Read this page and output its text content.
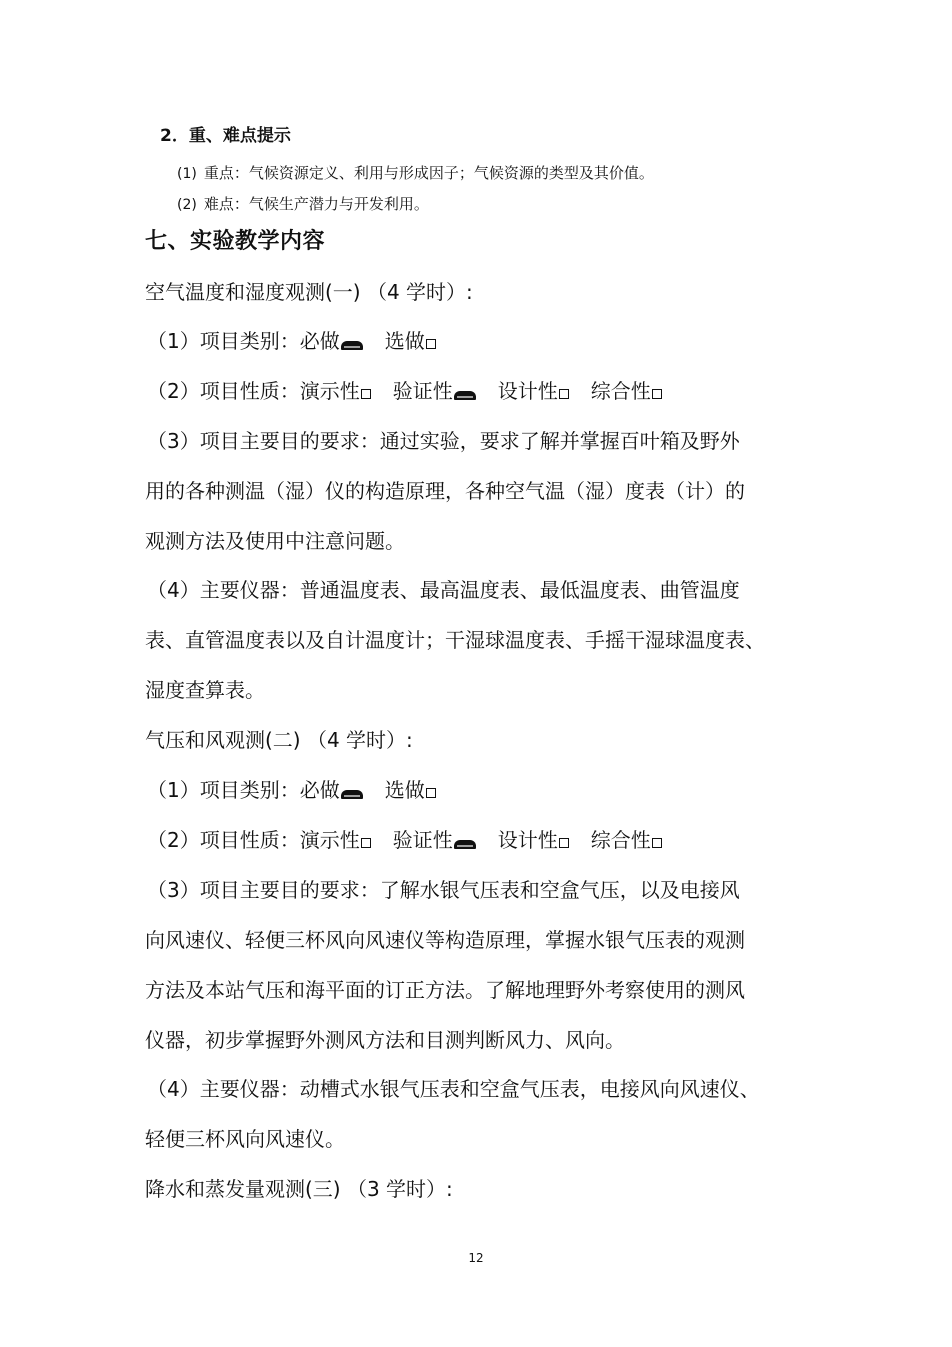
2．重、难点提示
(1) 重点：气候资源定义、利用与形成因子；气候资源的类型及其价值。
(2) 难点：气候生产潜力与开发利用。
七、实验教学内容
空气温度和湿度观测(一) （4 学时）:
（1）项目类别：必做 选做
（2）项目性质：演示性 验证性 设计性 综合性
（3）项目主要目的要求：通过实验，要求了解并掌握百叶箱及野外
用的各种测温（湿）仪的构造原理，各种空气温（湿）度表（计）的
观测方法及使用中注意问题。
（4）主要仪器：普通温度表、最高温度表、最低温度表、曲管温度
表、直管温度表以及自计温度计；干湿球温度表、手摇干湿球温度表、
湿度查算表。
气压和风观测(二) （4 学时）:
（1）项目类别：必做 选做
（2）项目性质：演示性 验证性 设计性 综合性
（3）项目主要目的要求：了解水银气压表和空盒气压，以及电接风
向风速仪、轻便三杯风向风速仪等构造原理，掌握水银气压表的观测
方法及本站气压和海平面的订正方法。了解地理野外考察使用的测风
仪器，初步掌握野外测风方法和目测判断风力、风向。
（4）主要仪器：动槽式水银气压表和空盒气压表，电接风向风速仪、
轻便三杯风向风速仪。
降水和蒸发量观测(三) （3 学时）:
12
